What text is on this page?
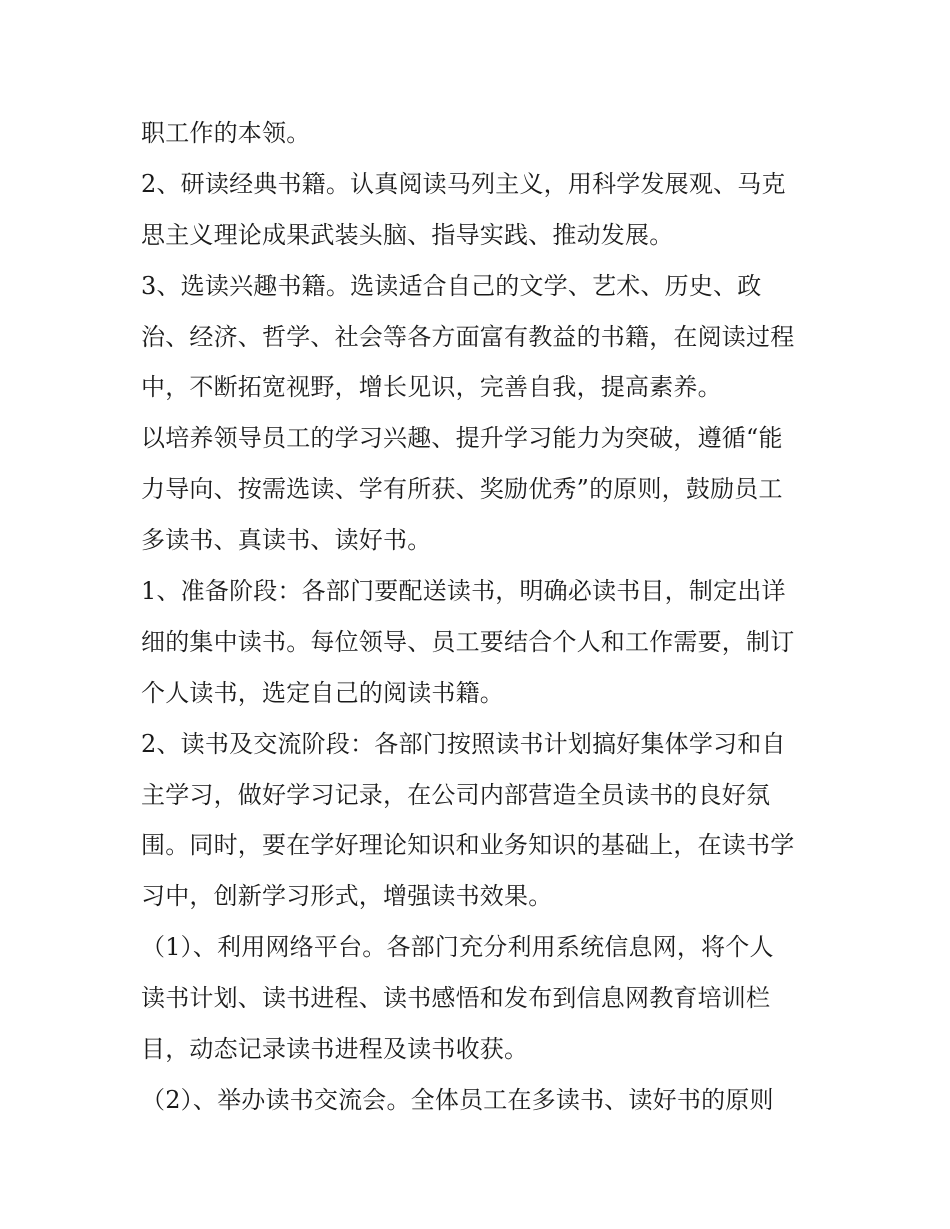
职工作的本领。
2、研读经典书籍。认真阅读马列主义，用科学发展观、马克
思主义理论成果武装头脑、指导实践、推动发展。
3、选读兴趣书籍。选读适合自己的文学、艺术、历史、政
治、经济、哲学、社会等各方面富有教益的书籍，在阅读过程
中，不断拓宽视野，增长见识，完善自我，提高素养。
以培养领导员工的学习兴趣、提升学习能力为突破，遵循“能
力导向、按需选读、学有所获、奖励优秀”的原则，鼓励员工
多读书、真读书、读好书。
1、准备阶段：各部门要配送读书，明确必读书目，制定出详
细的集中读书。每位领导、员工要结合个人和工作需要，制订
个人读书，选定自己的阅读书籍。
2、读书及交流阶段：各部门按照读书计划搞好集体学习和自
主学习，做好学习记录，在公司内部营造全员读书的良好氛
围。同时，要在学好理论知识和业务知识的基础上，在读书学
习中，创新学习形式，增强读书效果。
（1）、利用网络平台。各部门充分利用系统信息网，将个人
读书计划、读书进程、读书感悟和发布到信息网教育培训栏
目，动态记录读书进程及读书收获。
（2）、举办读书交流会。全体员工在多读书、读好书的原则
